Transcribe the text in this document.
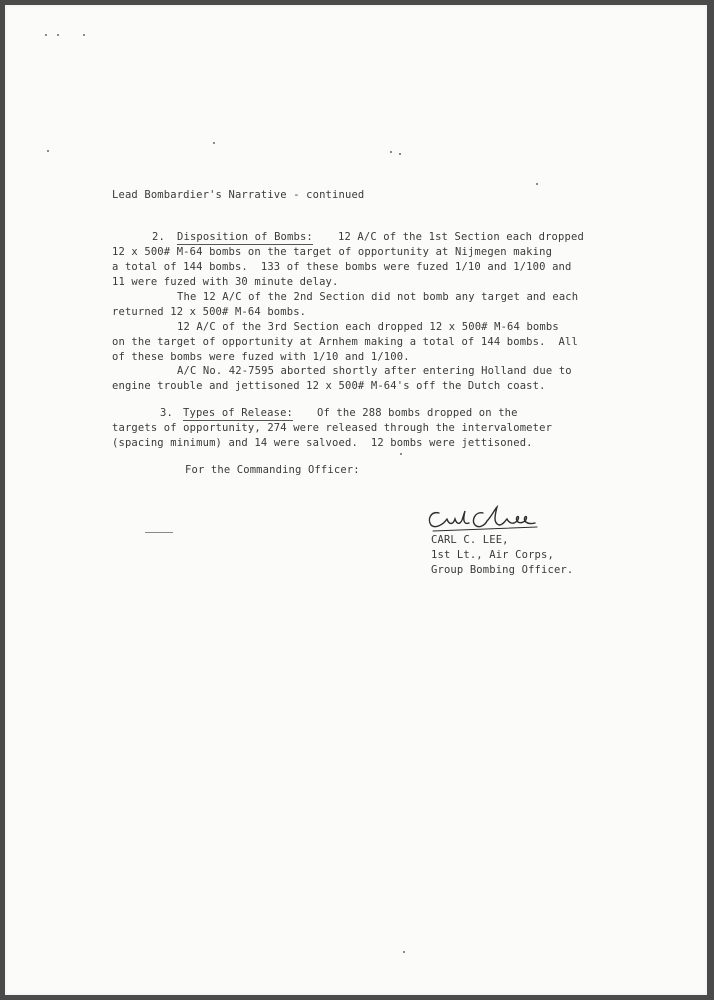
Lead Bombardier's Narrative - continued
2. Disposition of Bombs: 12 A/C of the 1st Section each dropped
12 x 500# M-64 bombs on the target of opportunity at Nijmegen making
a total of 144 bombs.  133 of these bombs were fuzed 1/10 and 1/100 and
11 were fuzed with 30 minute delay.
The 12 A/C of the 2nd Section did not bomb any target and each
returned 12 x 500# M-64 bombs.
12 A/C of the 3rd Section each dropped 12 x 500# M-64 bombs
on the target of opportunity at Arnhem making a total of 144 bombs.  All
of these bombs were fuzed with 1/10 and 1/100.
A/C No. 42-7595 aborted shortly after entering Holland due to
engine trouble and jettisoned 12 x 500# M-64's off the Dutch coast.
3. Types of Release: Of the 288 bombs dropped on the
targets of opportunity, 274 were released through the intervalometer
(spacing minimum) and 14 were salvoed.  12 bombs were jettisoned.
For the Commanding Officer:
CARL C. LEE,
1st Lt., Air Corps,
Group Bombing Officer.
